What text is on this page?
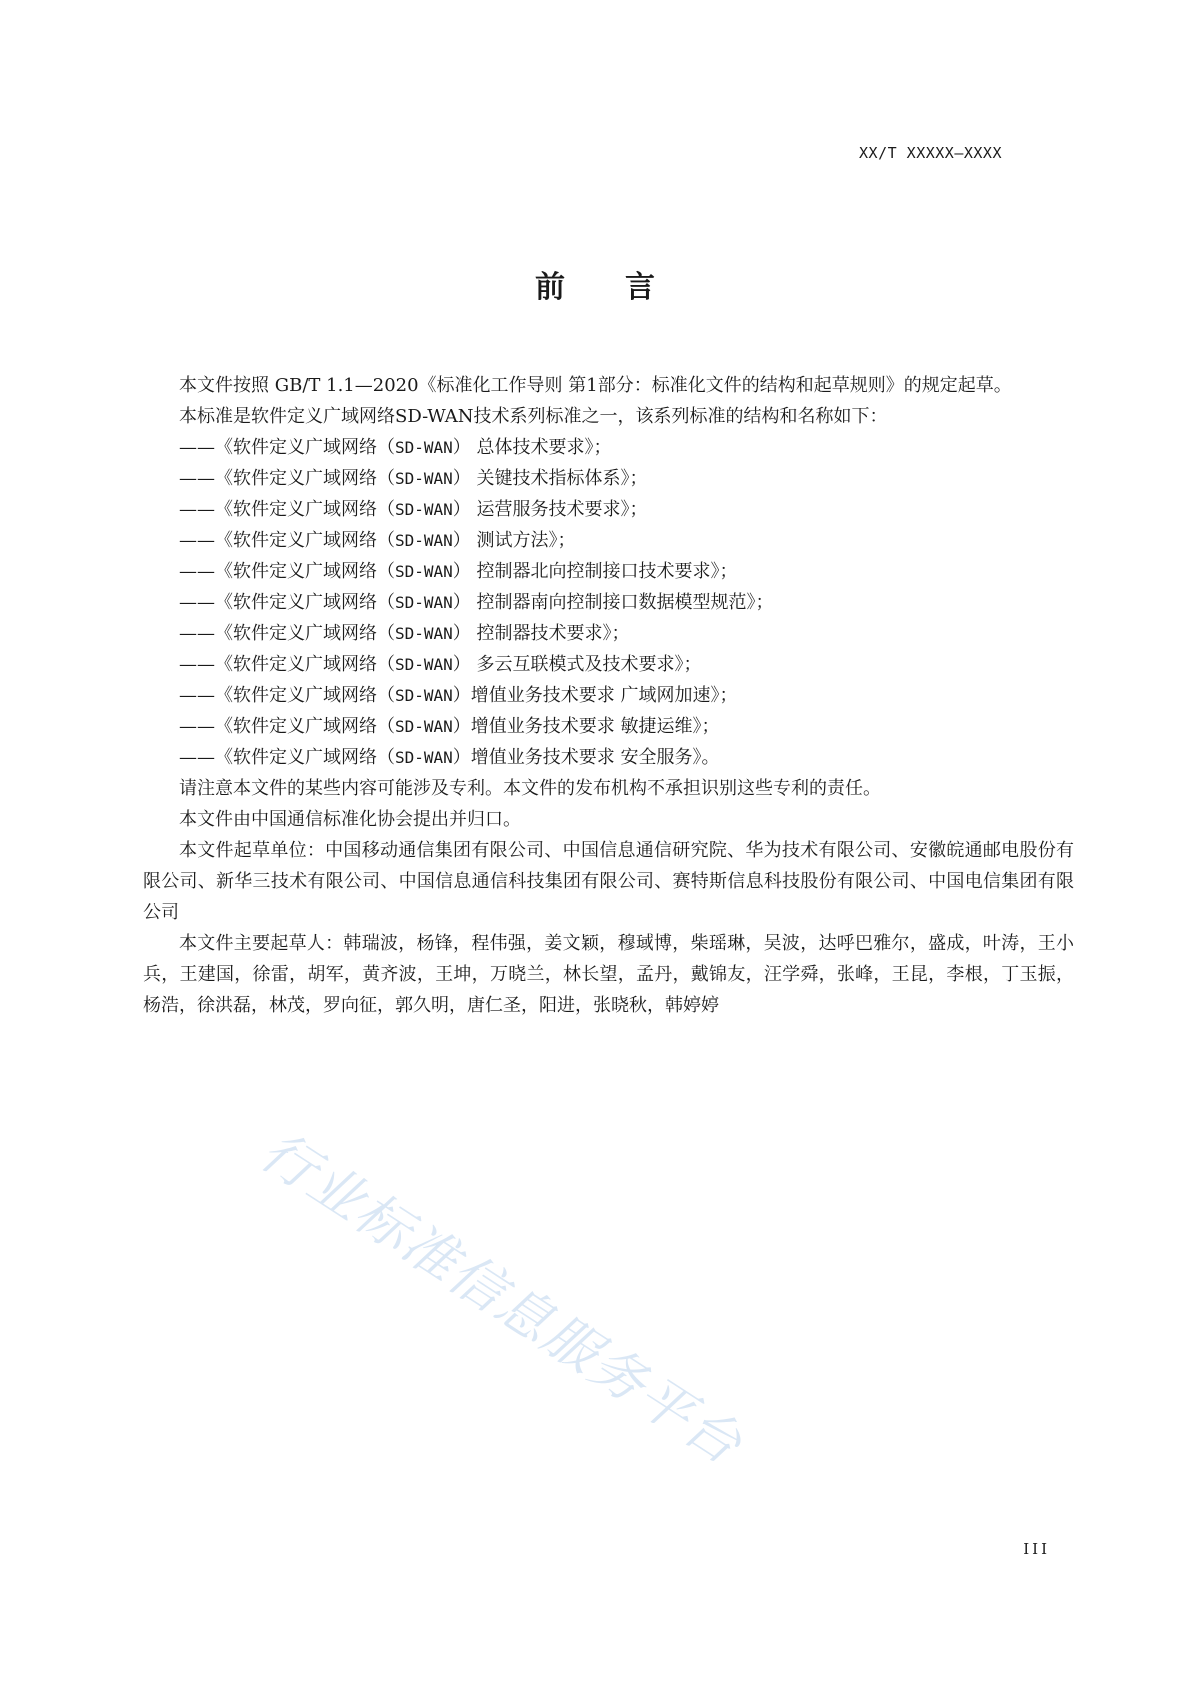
XX/T XXXXX—XXXX
前 言

本文件按照 GB/T 1.1—2020《标准化工作导则 第1部分：标准化文件的结构和起草规则》的规定起草。

本标准是软件定义广域网络SD-WAN技术系列标准之一，该系列标准的结构和名称如下：

——《软件定义广域网络（SD-WAN） 总体技术要求》；

——《软件定义广域网络（SD-WAN） 关键技术指标体系》；

——《软件定义广域网络（SD-WAN） 运营服务技术要求》；

——《软件定义广域网络（SD-WAN） 测试方法》；

——《软件定义广域网络（SD-WAN） 控制器北向控制接口技术要求》；

——《软件定义广域网络（SD-WAN） 控制器南向控制接口数据模型规范》；

——《软件定义广域网络（SD-WAN） 控制器技术要求》；

——《软件定义广域网络（SD-WAN） 多云互联模式及技术要求》；

——《软件定义广域网络（SD-WAN）增值业务技术要求 广域网加速》；

——《软件定义广域网络（SD-WAN）增值业务技术要求 敏捷运维》；

——《软件定义广域网络（SD-WAN）增值业务技术要求 安全服务》。

请注意本文件的某些内容可能涉及专利。本文件的发布机构不承担识别这些专利的责任。

本文件由中国通信标准化协会提出并归口。

本文件起草单位：中国移动通信集团有限公司、中国信息通信研究院、华为技术有限公司、安徽皖通邮电股份有限公司、新华三技术有限公司、中国信息通信科技集团有限公司、赛特斯信息科技股份有限公司、中国电信集团有限公司

本文件主要起草人：韩瑞波，杨锋，程伟强，姜文颖，穆琙博，柴瑶琳，吴波，达呼巴雅尔，盛成，叶涛，王小兵，王建国，徐雷，胡军，黄齐波，王坤，万晓兰，林长望，孟丹，戴锦友，汪学舜，张峰，王昆，李根，丁玉振，杨浩，徐洪磊，林茂，罗向征，郭久明，唐仁圣，阳进，张晓秋，韩婷婷

行业标准信息服务平台
III
